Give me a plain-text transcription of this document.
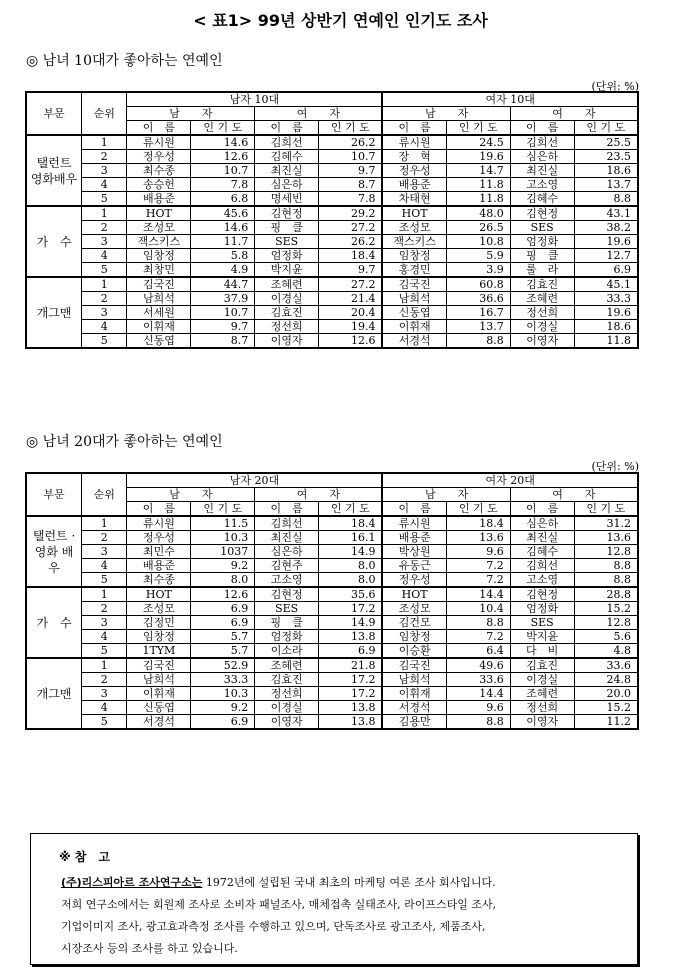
< 표1> 99년 상반기 연예인 인기도 조사
◎ 남녀 10대가 좋아하는 연예인
(단위: %)
부문	순위	남자 10대				여자 10대			
		남　　자		여　　자		남　　자		여　　자	
		이　름	인 기 도	이　름	인 기 도	이　름	인 기 도	이　름	인 기 도
탤런트 영화배우	1	류시원	14.6	김희선	26.2	류시원	24.5	김희선	25.5
	2	정우성	12.6	김혜수	10.7	장　혁	19.6	심은하	23.5
	3	최수종	10.7	최진실	9.7	정우성	14.7	최진실	18.6
	4	송승헌	7.8	심은하	8.7	배용준	11.8	고소영	13.7
	5	배용준	6.8	명세빈	7.8	차태현	11.8	김혜수	8.8
가　수	1	HOT	45.6	김현정	29.2	HOT	48.0	김현정	43.1
	2	조성모	14.6	핑　클	27.2	조성모	26.5	SES	38.2
	3	잭스키스	11.7	SES	26.2	잭스키스	10.8	엄정화	19.6
	4	임창정	5.8	엄정화	18.4	임창정	5.9	핑　클	12.7
	5	최창민	4.9	박지윤	9.7	홍경민	3.9	룰　라	6.9
개그맨	1	김국진	44.7	조혜련	27.2	김국진	60.8	김효진	45.1
	2	남희석	37.9	이경실	21.4	남희석	36.6	조혜련	33.3
	3	서세원	10.7	김효진	20.4	신동엽	16.7	정선희	19.6
	4	이휘재	9.7	정선희	19.4	이휘재	13.7	이경실	18.6
	5	신동엽	8.7	이영자	12.6	서경석	8.8	이영자	11.8
◎ 남녀 20대가 좋아하는 연예인
(단위: %)
부문	순위	남자 20대				여자 20대			
		남　　자		여　　자		남　　자		여　　자	
		이　름	인 기 도	이　름	인 기 도	이　름	인 기 도	이　름	인 기 도
탤런트 ·영화 배우	1	류시원	11.5	김희선	18.4	류시원	18.4	심은하	31.2
	2	정우성	10.3	최진실	16.1	배용준	13.6	최진실	13.6
	3	최민수	1037	심은하	14.9	박상원	9.6	김혜수	12.8
	4	배용준	9.2	김현주	8.0	유동근	7.2	김희선	8.8
	5	최수종	8.0	고소영	8.0	정우성	7.2	고소영	8.8
가　수	1	HOT	12.6	김현정	35.6	HOT	14.4	김현정	28.8
	2	조성모	6.9	SES	17.2	조성모	10.4	엄정화	15.2
	3	김정민	6.9	핑　클	14.9	김건모	8.8	SES	12.8
	4	임창정	5.7	엄정화	13.8	임창정	7.2	박지윤	5.6
	5	1TYM	5.7	이소라	6.9	이승환	6.4	다　비	4.8
개그맨	1	김국진	52.9	조혜련	21.8	김국진	49.6	김효진	33.6
	2	남희석	33.3	김효진	17.2	남희석	33.6	이경실	24.8
	3	이휘재	10.3	정선희	17.2	이휘재	14.4	조혜련	20.0
	4	신동엽	9.2	이경실	13.8	서경석	9.6	정선희	15.2
	5	서경석	6.9	이영자	13.8	김용만	8.8	이영자	11.2
※ 참　고
(주)리스피아르 조사연구소는 1972년에 설립된 국내 최초의 마케팅 여론 조사 회사입니다.
저희 연구소에서는 회원제 조사로 소비자 패널조사, 매체접촉 실태조사, 라이프스타일 조사,
기업이미지 조사, 광고효과측정 조사를 수행하고 있으며, 단독조사로 광고조사, 제품조사,
시장조사 등의 조사를 하고 있습니다.
